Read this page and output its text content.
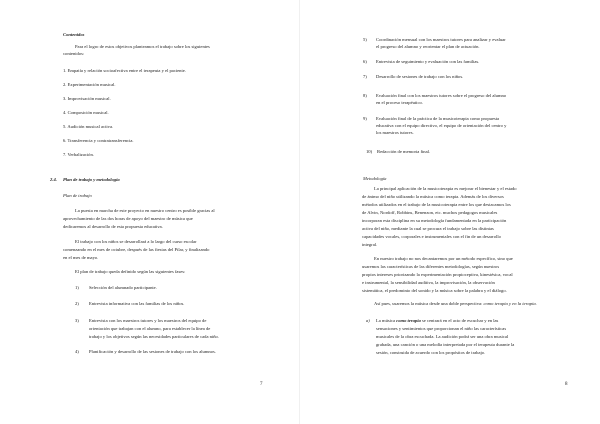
Contenidos

Para el logro de estos objetivos planteamos el trabajo sobre los siguientes

contenidos:

1. Empatía y relación socioafectiva entre el terapeuta y el paciente.

2. Experimentación musical.

3. Improvisación musical.

4. Composición musical.

5. Audición musical activa.

6. Transferencia y contratransferencia.

7. Verbalización.

2.4. Plan de trabajo y metodología

Plan de trabajo

La puesta en marcha de este proyecto en nuestro centro es posible gracias al

aprovechamiento de las dos horas de apoyo del maestro de música que

dedicaremos al desarrollo de esta propuesta educativa.

El trabajo con los niños se desarrollará a lo largo del curso escolar

comenzando en el mes de octubre, después de las fiestas del Pilar, y finalizando

en el mes de mayo.

El plan de trabajo queda definido según las siguientes fases:

1) Selección del alumnado participante.

2) Entrevista informativa con las familias de los niños.

3) Entrevista con los maestros tutores y los maestros del equipo de

orientación que trabajan con el alumno, para establecer la línea de

trabajo y los objetivos según las necesidades particulares de cada niño.

4) Planificación y desarrollo de las sesiones de trabajo con los alumnos.

7

5) Coordinación mensual con los maestros tutores para analizar y evaluar

el progreso del alumno y reorientar el plan de actuación.

6) Entrevista de seguimiento y evaluación con las familias.

7) Desarrollo de sesiones de trabajo con los niños.

8) Evaluación final con los maestros tutores sobre el progreso del alumno

en el proceso terapéutico.

9) Evaluación final de la práctica de la musicoterapia como propuesta

educativa con el equipo directivo, el equipo de orientación del centro y

los maestros tutores.

10) Redacción de memoria final.

Metodología

La principal aplicación de la musicoterapia es mejorar el bienestar y el estado

de ánimo del niño utilizando la música como terapia. Además de los diversos

métodos utilizados en el trabajo de la musicoterapia entre los que destacamos los

de Alvin, Nordoff, Robbins, Benenzon, etc. muchos pedagogos musicales

incorporan esta disciplina en su metodología fundamentada en la participación

activa del niño, mediante la cual se procura el trabajo sobre las distintas

capacidades vocales, corporales e instrumentales con el fin de un desarrollo

integral.

En nuestro trabajo no nos decantaremos por un método específico, sino que

usaremos las características de las diferentes metodologías, según nuestros

propios intereses priorizando la experimentación propioceptiva, kinestésica, vocal

e instrumental, la sensibilidad auditiva, la improvisación, la observación

sistemática, el predominio del sonido y la música sobre la palabra y el diálogo.

Así pues, usaremos la música desde una doble perspectiva: como terapia y en la terapia.

a) La música como terapia se centrará en el acto de escuchar y en las

sensaciones y sentimientos que proporcionan el niño las características

musicales de la obra escuchada. La audición podrá ser una obra musical

grabada, una canción o una melodía interpretada por el terapeuta durante la

sesión, construida de acuerdo con los propósitos de trabajo.

8
